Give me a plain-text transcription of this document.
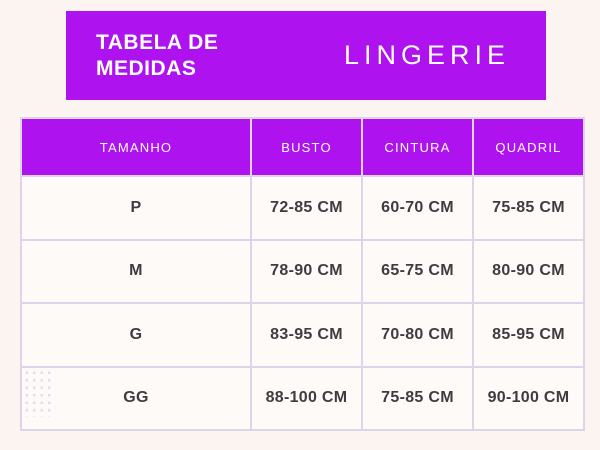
TABELA DE
MEDIDAS	LINGERIE
TAMANHO	BUSTO	CINTURA	QUADRIL
P	72-85 CM	60-70 CM	75-85 CM
M	78-90 CM	65-75 CM	80-90 CM
G	83-95 CM	70-80 CM	85-95 CM
GG	88-100 CM	75-85 CM	90-100 CM
